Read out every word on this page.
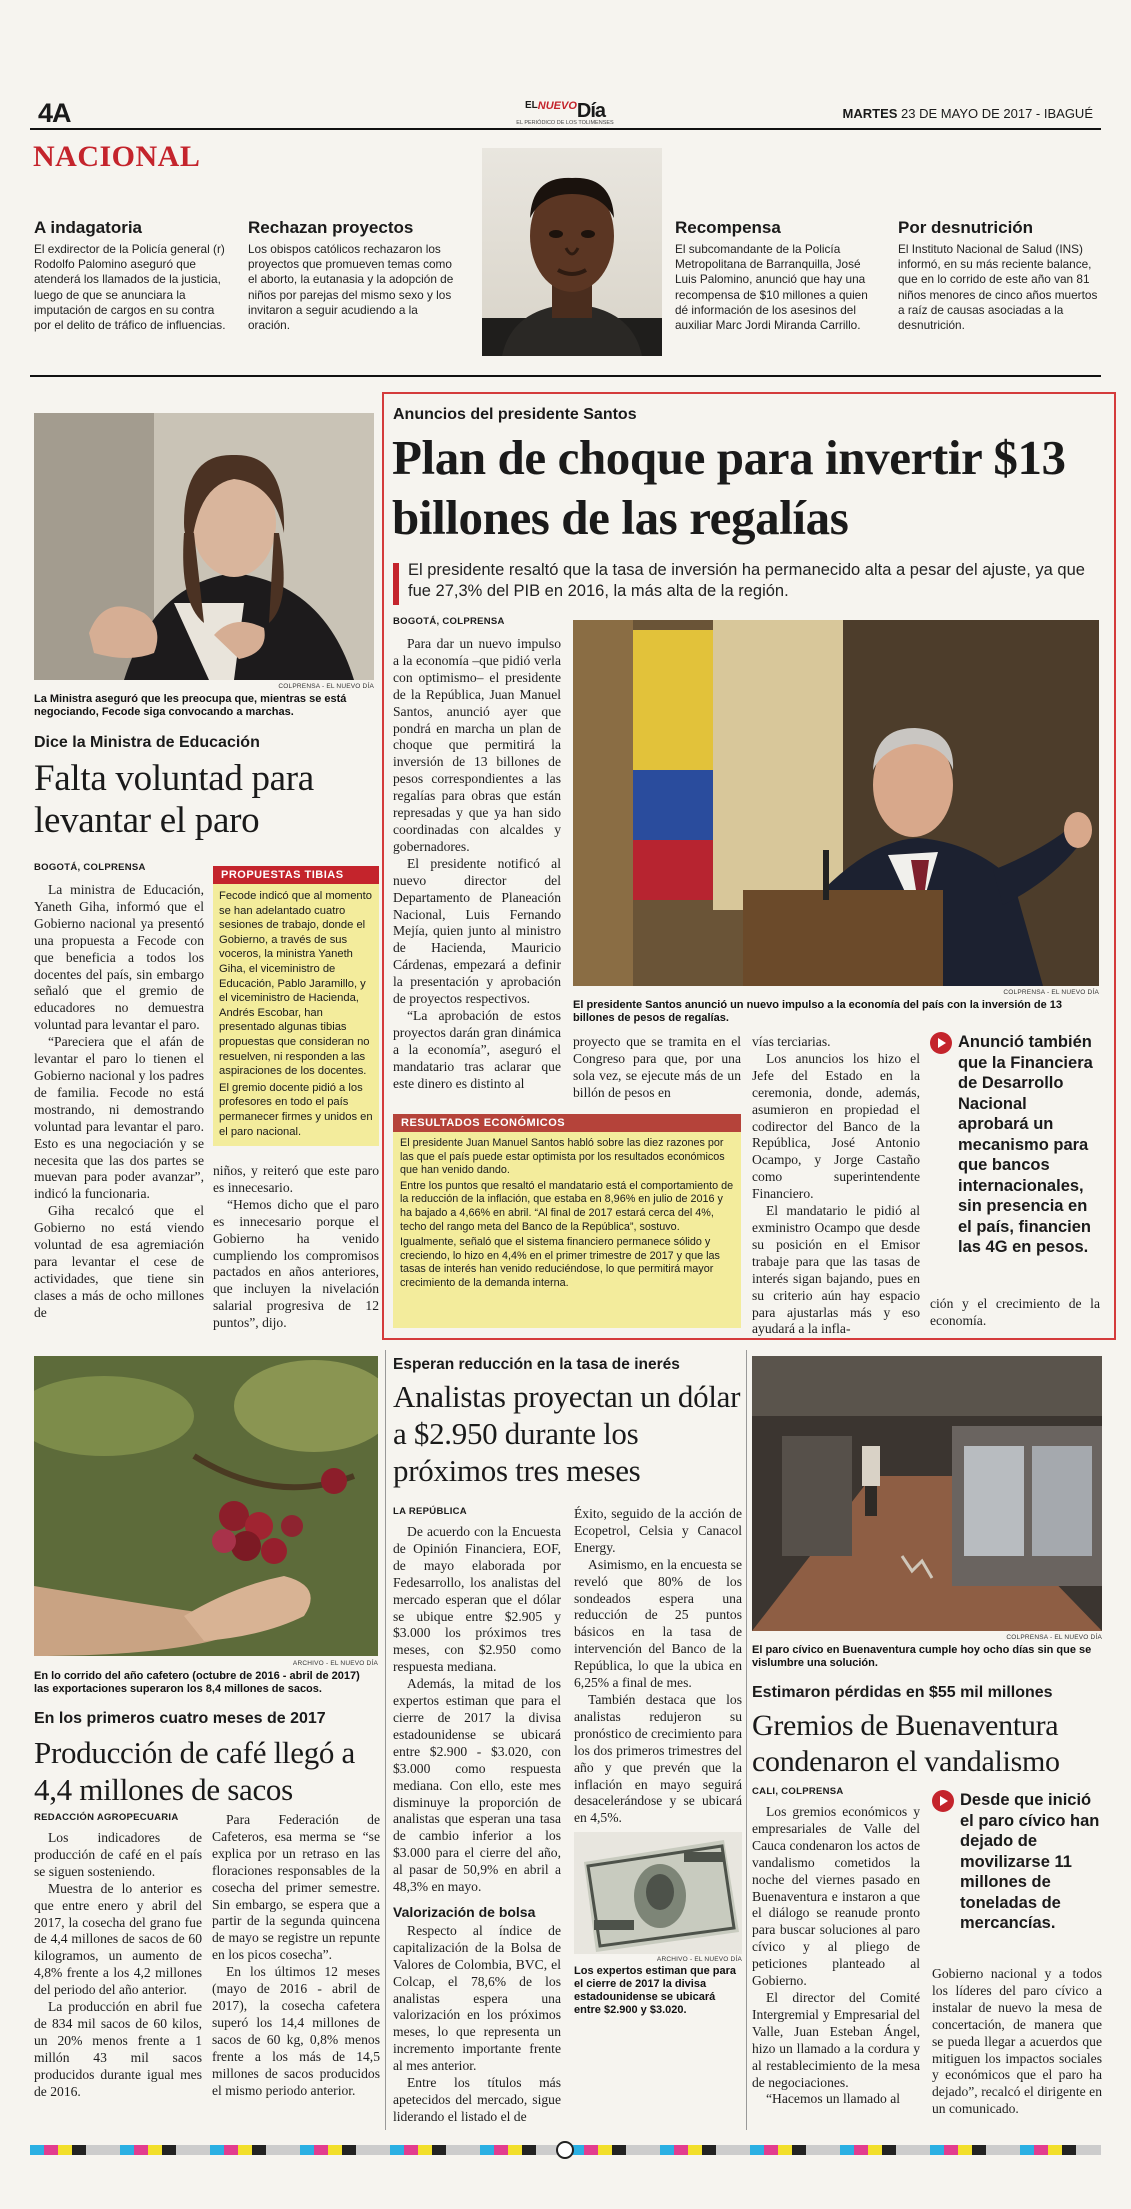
4A	$^{ELNUEVO}$Día
EL PERIÓDICO DE LOS TOLIMENSES
MARTES 23 DE MAYO DE 2017 - IBAGUÉ
NACIONAL
A indagatoria

El exdirector de la Policía general (r) Rodolfo Palomino aseguró que atenderá los llamados de la justicia, luego de que se anunciara la imputación de cargos en su contra por el delito de tráfico de influencias.

Rechazan proyectos

Los obispos católicos rechazaron los proyectos que promueven temas como el aborto, la eutanasia y la adopción de niños por parejas del mismo sexo y los invitaron a seguir acudiendo a la oración.

Recompensa

El subcomandante de la Policía Metropolitana de Barranquilla, José Luis Palomino, anunció que hay una recompensa de $10 millones a quien dé información de los asesinos del auxiliar Marc Jordi Miranda Carrillo.

Por desnutrición

El Instituto Nacional de Salud (INS) informó, en su más reciente balance, que en lo corrido de este año van 81 niños menores de cinco años muertos a raíz de causas asociadas a la desnutrición.

COLPRENSA - EL NUEVO DÍA
La Ministra aseguró que les preocupa que, mientras se está negociando, Fecode siga convocando a marchas.
Dice la Ministra de Educación
Falta voluntad para levantar el paro
BOGOTÁ, COLPRENSA

La ministra de Educación, Yaneth Giha, informó que el Gobierno nacional ya presentó una propuesta a Fecode con que beneficia a todos los docentes del país, sin embargo señaló que el gremio de educadores no demuestra voluntad para levantar el paro.

“Pareciera que el afán de levantar el paro lo tienen el Gobierno nacional y los padres de familia. Fecode no está mostrando, ni demostrando voluntad para levantar el paro. Esto es una negociación y se necesita que las dos partes se muevan para poder avanzar”, indicó la funcionaria.

Giha recalcó que el Gobierno no está viendo voluntad de esa agremiación para levantar el cese de actividades, que tiene sin clases a más de ocho millones de

PROPUESTAS TIBIAS

Fecode indicó que al momento se han adelantado cuatro sesiones de trabajo, donde el Gobierno, a través de sus voceros, la ministra Yaneth Giha, el viceministro de Educación, Pablo Jaramillo, y el viceministro de Hacienda, Andrés Escobar, han presentado algunas tibias propuestas que consideran no resuelven, ni responden a las aspiraciones de los docentes.

El gremio docente pidió a los profesores en todo el país permanecer firmes y unidos en el paro nacional.

niños, y reiteró que este paro es innecesario.

“Hemos dicho que el paro es innecesario porque el Gobierno ha venido cumpliendo los compromisos pactados en años anteriores, que incluyen la nivelación salarial progresiva de 12 puntos”, dijo.

Anuncios del presidente Santos
Plan de choque para invertir $13 billones de las regalías
El presidente resaltó que la tasa de inversión ha permanecido alta a pesar del ajuste, ya que fue 27,3% del PIB en 2016, la más alta de la región.
BOGOTÁ, COLPRENSA

Para dar un nuevo impulso a la economía –que pidió verla con optimismo– el presidente de la República, Juan Manuel Santos, anunció ayer que pondrá en marcha un plan de choque que permitirá la inversión de 13 billones de pesos correspondientes a las regalías para obras que están represadas y que ya han sido coordinadas con alcaldes y gobernadores.

El presidente notificó al nuevo director del Departamento de Planeación Nacional, Luis Fernando Mejía, quien junto al ministro de Hacienda, Mauricio Cárdenas, empezará a definir la presentación y aprobación de proyectos respectivos.

“La aprobación de estos proyectos darán gran dinámica a la economía”, aseguró el mandatario tras aclarar que este dinero es distinto al

COLPRENSA - EL NUEVO DÍA
El presidente Santos anunció un nuevo impulso a la economía del país con la inversión de 13 billones de pesos de regalías.

proyecto que se tramita en el Congreso para que, por una sola vez, se ejecute más de un billón de pesos en

vías terciarias.

Los anuncios los hizo el Jefe del Estado en la ceremonia, donde, además, asumieron en propiedad el codirector del Banco de la República, José Antonio Ocampo, y Jorge Castaño como superintendente Financiero.

El mandatario le pidió al exministro Ocampo que desde su posición en el Emisor trabaje para que las tasas de interés sigan bajando, pues en su criterio aún hay espacio para ajustarlas más y eso ayudará a la infla-

Anunció también que la Financiera de Desarrollo Nacional aprobará un mecanismo para que bancos internacionales, sin presencia en el país, financien las 4G en pesos.

ción y el crecimiento de la economía.

RESULTADOS ECONÓMICOS

El presidente Juan Manuel Santos habló sobre las diez razones por las que el país puede estar optimista por los resultados económicos que han venido dando.

Entre los puntos que resaltó el mandatario está el comportamiento de la reducción de la inflación, que estaba en 8,96% en julio de 2016 y ha bajado a 4,66% en abril. “Al final de 2017 estará cerca del 4%, techo del rango meta del Banco de la República”, sostuvo.

Igualmente, señaló que el sistema financiero permanece sólido y creciendo, lo hizo en 4,4% en el primer trimestre de 2017 y que las tasas de interés han venido reduciéndose, lo que permitirá mayor crecimiento de la demanda interna.

ARCHIVO - EL NUEVO DÍA
En lo corrido del año cafetero (octubre de 2016 - abril de 2017) las exportaciones superaron los 8,4 millones de sacos.
En los primeros cuatro meses de 2017
Producción de café llegó a 4,4 millones de sacos
REDACCIÓN AGROPECUARIA

Los indicadores de producción de café en el país se siguen sosteniendo.

Muestra de lo anterior es que entre enero y abril del 2017, la cosecha del grano fue de 4,4 millones de sacos de 60 kilogramos, un aumento de 4,8% frente a los 4,2 millones del periodo del año anterior.

La producción en abril fue de 834 mil sacos de 60 kilos, un 20% menos frente a 1 millón 43 mil sacos producidos durante igual mes de 2016.

Para Federación de Cafeteros, esa merma se “se explica por un retraso en las floraciones responsables de la cosecha del primer semestre. Sin embargo, se espera que a partir de la segunda quincena de mayo se registre un repunte en los picos cosecha”.

En los últimos 12 meses (mayo de 2016 - abril de 2017), la cosecha cafetera superó los 14,4 millones de sacos de 60 kg, 0,8% menos frente a los más de 14,5 millones de sacos producidos el mismo periodo anterior.

Esperan reducción en la tasa de inerés
Analistas proyectan un dólar a $2.950 durante los próximos tres meses
LA REPÚBLICA

De acuerdo con la Encuesta de Opinión Financiera, EOF, de mayo elaborada por Fedesarrollo, los analistas del mercado esperan que el dólar se ubique entre $2.905 y $3.000 los próximos tres meses, con $2.950 como respuesta mediana.

Además, la mitad de los expertos estiman que para el cierre de 2017 la divisa estadounidense se ubicará entre $2.900 - $3.020, con $3.000 como respuesta mediana. Con ello, este mes disminuye la proporción de analistas que esperan una tasa de cambio inferior a los $3.000 para el cierre del año, al pasar de 50,9% en abril a 48,3% en mayo.

Valorización de bolsa

Respecto al índice de capitalización de la Bolsa de Valores de Colombia, BVC, el Colcap, el 78,6% de los analistas espera una valorización en los próximos meses, lo que representa un incremento importante frente al mes anterior.

Entre los títulos más apetecidos del mercado, sigue liderando el listado el de

Éxito, seguido de la acción de Ecopetrol, Celsia y Canacol Energy.

Asimismo, en la encuesta se reveló que 80% de los sondeados espera una reducción de 25 puntos básicos en la tasa de intervención del Banco de la República, lo que la ubica en 6,25% a final de mes.

También destaca que los analistas redujeron su pronóstico de crecimiento para los dos primeros trimestres del año y que prevén que la inflación en mayo seguirá desacelerándose y se ubicará en 4,5%.

ARCHIVO - EL NUEVO DÍA
Los expertos estiman que para el cierre de 2017 la divisa estadounidense se ubicará entre $2.900 y $3.020.
COLPRENSA - EL NUEVO DÍA
El paro cívico en Buenaventura cumple hoy ocho días sin que se vislumbre una solución.
Estimaron pérdidas en $55 mil millones
Gremios de Buenaventura condenaron el vandalismo
CALI, COLPRENSA

Los gremios económicos y empresariales de Valle del Cauca condenaron los actos de vandalismo cometidos la noche del viernes pasado en Buenaventura e instaron a que el diálogo se reanude pronto para buscar soluciones al paro cívico y al pliego de peticiones planteado al Gobierno.

El director del Comité Intergremial y Empresarial del Valle, Juan Esteban Ángel, hizo un llamado a la cordura y al restablecimiento de la mesa de negociaciones.

“Hacemos un llamado al

Desde que inició el paro cívico han dejado de movilizarse 11 millones de toneladas de mercancías.

Gobierno nacional y a todos los líderes del paro cívico a instalar de nuevo la mesa de concertación, de manera que se pueda llegar a acuerdos que mitiguen los impactos sociales y económicos que el paro ha dejado”, recalcó el dirigente en un comunicado.
